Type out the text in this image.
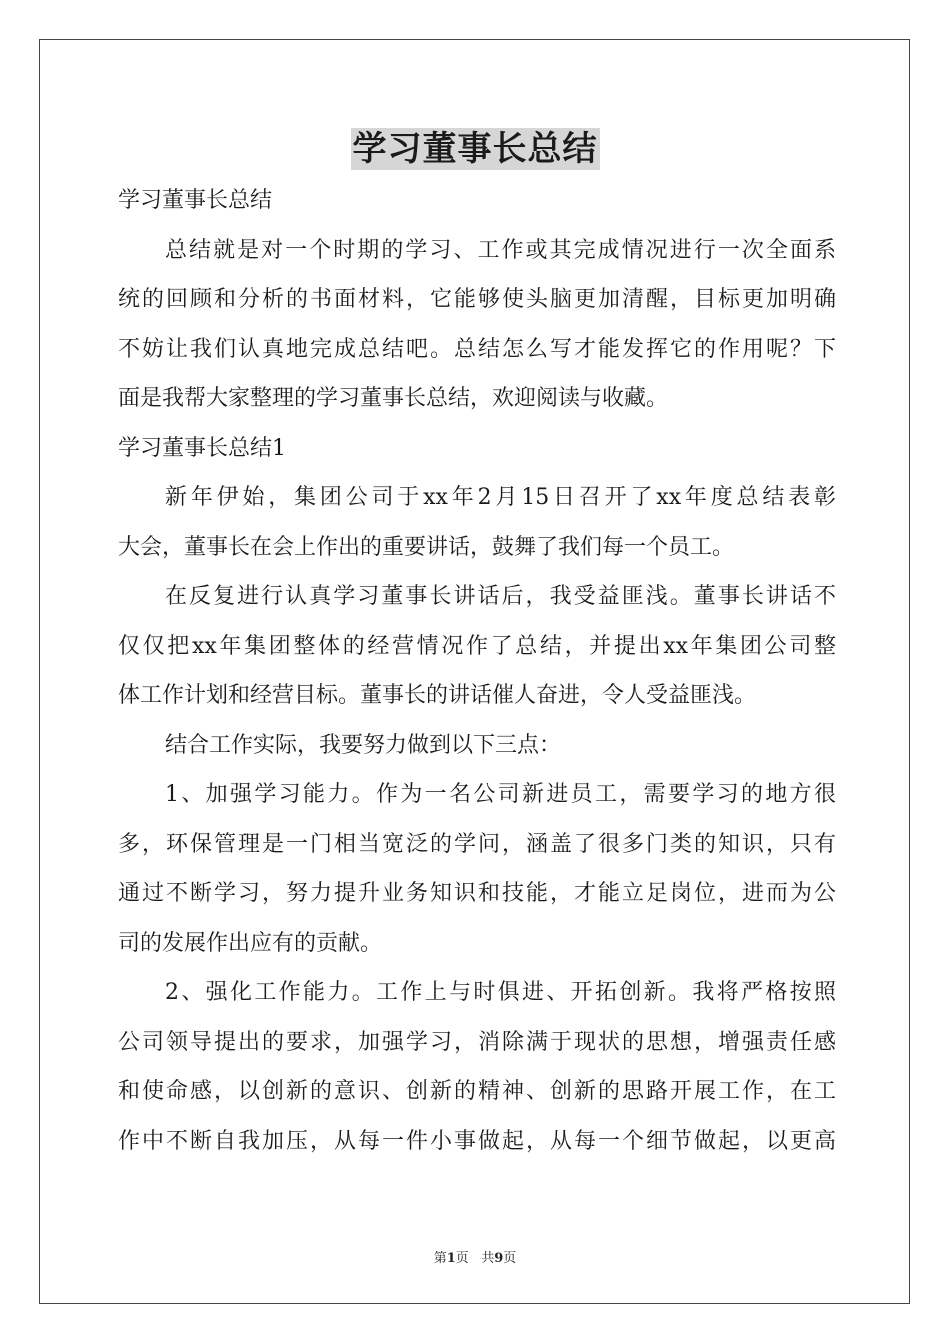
学习董事长总结
学习董事长总结
总结就是对一个时期的学习、工作或其完成情况进行一次全面系
统的回顾和分析的书面材料，它能够使头脑更加清醒，目标更加明确
不妨让我们认真地完成总结吧。总结怎么写才能发挥它的作用呢？下
面是我帮大家整理的学习董事长总结，欢迎阅读与收藏。
学习董事长总结1
新年伊始，集团公司于xx年2月15日召开了xx年度总结表彰
大会，董事长在会上作出的重要讲话，鼓舞了我们每一个员工。
在反复进行认真学习董事长讲话后，我受益匪浅。董事长讲话不
仅仅把xx年集团整体的经营情况作了总结，并提出xx年集团公司整
体工作计划和经营目标。董事长的讲话催人奋进，令人受益匪浅。
结合工作实际，我要努力做到以下三点：
1、加强学习能力。作为一名公司新进员工，需要学习的地方很
多，环保管理是一门相当宽泛的学问，涵盖了很多门类的知识，只有
通过不断学习，努力提升业务知识和技能，才能立足岗位，进而为公
司的发展作出应有的贡献。
2、强化工作能力。工作上与时俱进、开拓创新。我将严格按照
公司领导提出的要求，加强学习，消除满于现状的思想，增强责任感
和使命感，以创新的意识、创新的精神、创新的思路开展工作，在工
作中不断自我加压，从每一件小事做起，从每一个细节做起，以更高
第1页 共9页
